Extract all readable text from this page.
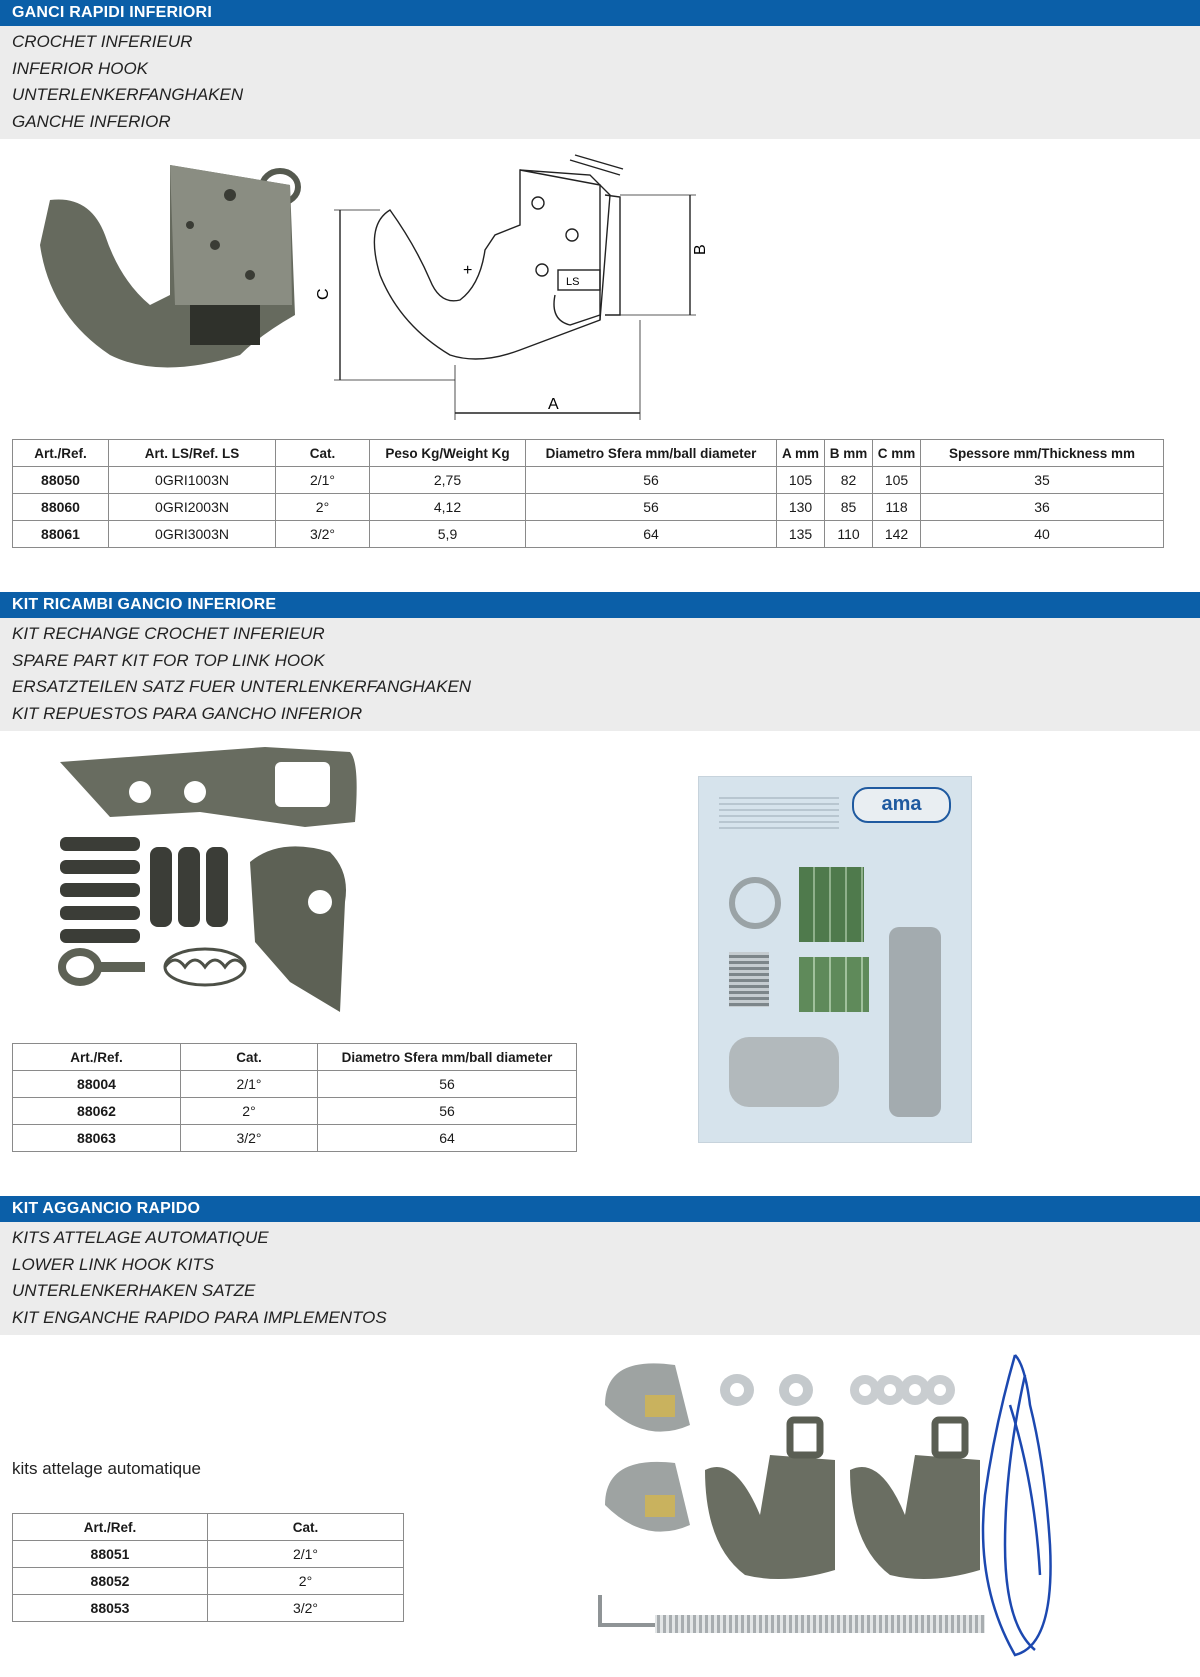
GANCI RAPIDI INFERIORI
CROCHET INFERIEUR
INFERIOR HOOK
UNTERLENKERFANGHAKEN
GANCHE INFERIOR
C
B
A
LS
+
Art./Ref.	Art. LS/Ref. LS	Cat.	Peso Kg/Weight Kg	Diametro Sfera mm/ball diameter	A mm	B mm	C mm	Spessore mm/Thickness mm
88050	0GRI1003N	2/1°	2,75	56	105	82	105	35
88060	0GRI2003N	2°	4,12	56	130	85	118	36
88061	0GRI3003N	3/2°	5,9	64	135	110	142	40
KIT RICAMBI GANCIO INFERIORE
KIT RECHANGE CROCHET INFERIEUR
SPARE PART KIT FOR TOP LINK HOOK
ERSATZTEILEN SATZ FUER UNTERLENKERFANGHAKEN
KIT REPUESTOS PARA GANCHO INFERIOR
ama
Art./Ref.	Cat.	Diametro Sfera mm/ball diameter
88004	2/1°	56
88062	2°	56
88063	3/2°	64
KIT AGGANCIO RAPIDO
KITS ATTELAGE AUTOMATIQUE
LOWER LINK HOOK KITS
UNTERLENKERHAKEN SATZE
KIT ENGANCHE RAPIDO PARA IMPLEMENTOS
kits attelage automatique
Art./Ref.	Cat.
88051	2/1°
88052	2°
88053	3/2°
